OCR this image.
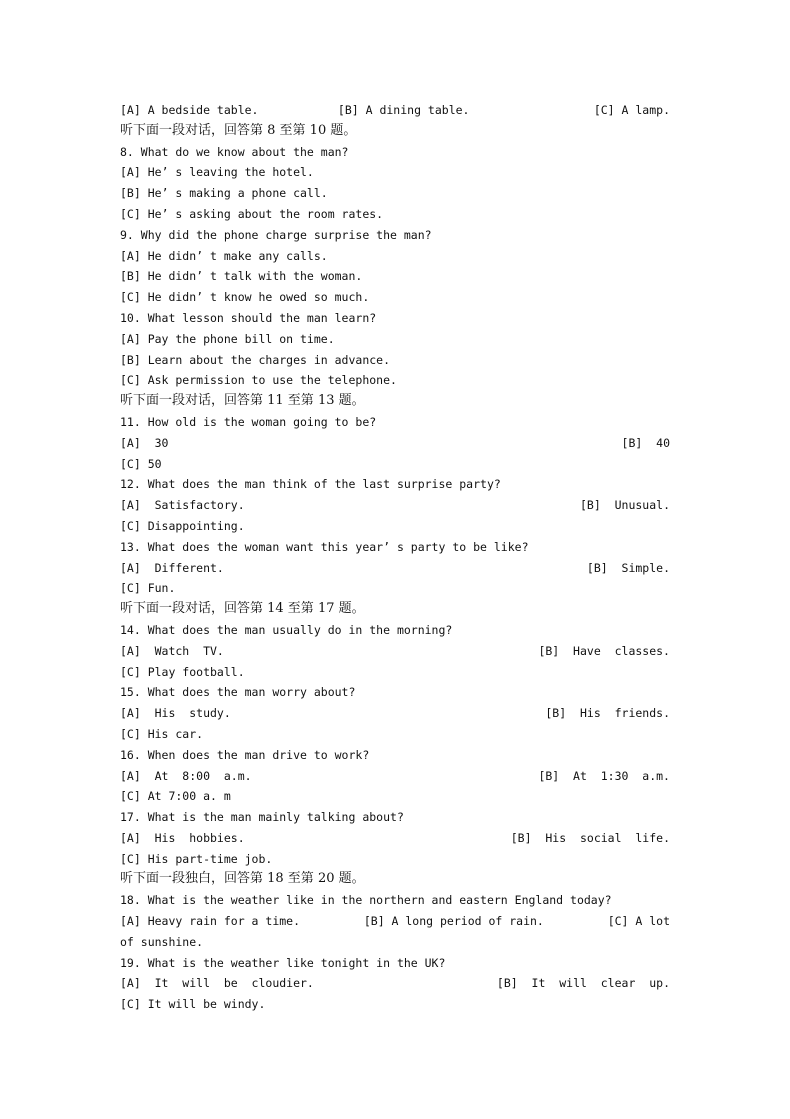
[A] A bedside table.	[B] A dining table.	[C] A lamp.
听下面一段对话，回答第 8 至第 10 题。
8. What do we know about the man?
[A] He’ s leaving the hotel.
[B] He’ s making a phone call.
[C] He’ s asking about the room rates.
9. Why did the phone charge surprise the man?
[A] He didn’ t make any calls.
[B] He didn’ t talk with the woman.
[C] He didn’ t know he owed so much.
10. What lesson should the man learn?
[A] Pay the phone bill on time.
[B] Learn about the charges in advance.
[C] Ask permission to use the telephone.
听下面一段对话，回答第 11 至第 13 题。
11. How old is the woman going to be?
[A]  30	[B]  40
[C] 50
12. What does the man think of the last surprise party?
[A]  Satisfactory.	[B]  Unusual.
[C] Disappointing.
13. What does the woman want this year’ s party to be like?
[A]  Different.	[B]  Simple.
[C] Fun.
听下面一段对话，回答第 14 至第 17 题。
14. What does the man usually do in the morning?
[A]  Watch  TV.	[B]  Have  classes.
[C] Play football.
15. What does the man worry about?
[A]  His  study.	[B]  His  friends.
[C] His car.
16. When does the man drive to work?
[A]  At  8:00  a.m.	[B]  At  1:30  a.m.
[C] At 7:00 a. m
17. What is the man mainly talking about?
[A]  His  hobbies.	[B]  His  social  life.
[C] His part-time job.
听下面一段独白，回答第 18 至第 20 题。
18. What is the weather like in the northern and eastern England today?
[A] Heavy rain for a time.	[B] A long period of rain.	[C] A lot
of sunshine.
19. What is the weather like tonight in the UK?
[A]  It  will  be  cloudier.	[B]  It  will  clear  up.
[C] It will be windy.
